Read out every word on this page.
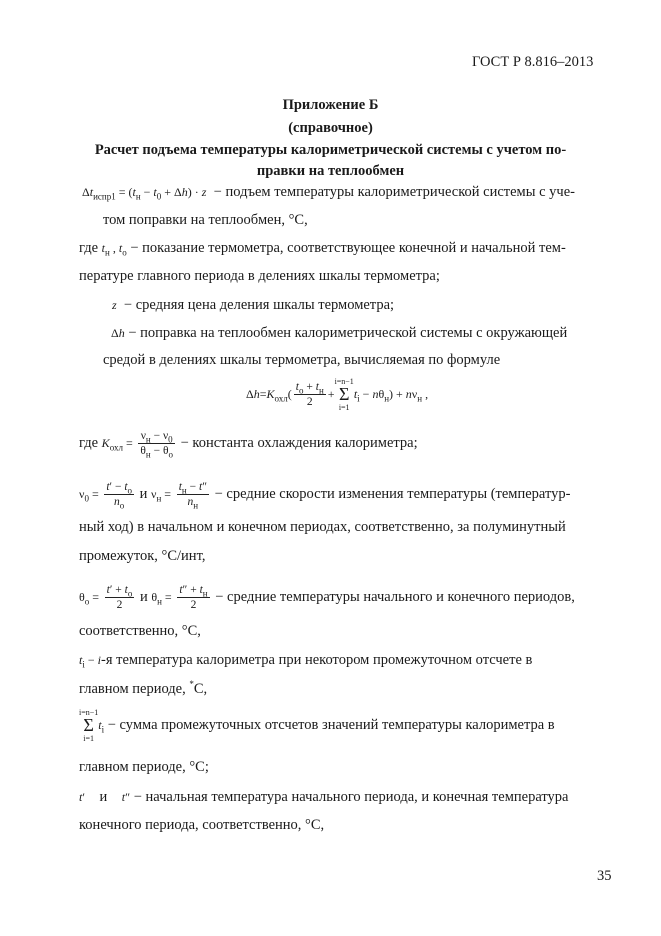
ГОСТ Р 8.816–2013
Приложение Б
(справочное)
Расчет подъема температуры калориметрической системы с учетом по-
правки на теплообмен
$\Delta t_{испр1} = (t_н - t_0 + \Delta h) \cdot z$  − подъем температуры калориметрической системы с уче-
том поправки на теплообмен, °С,
где $t_н$ , $t_о$ − показание термометра, соответствующее конечной и начальной тем-
пературе главного периода в делениях шкалы термометра;
z  − средняя цена деления шкалы термометра;
Δh − поправка на теплообмен калориметрической системы с окружающей
средой в делениях шкалы термометра, вычисляемая по формуле
$\Delta h=K_{охл}( \frac{t_о + t_н}{2} +i=n-1$
Σ
$i=1t_i - n\theta_н) + n\nu_н$ ,
где $K_{охл} = \frac{\nu_н - \nu_0}{\theta_н - \theta_о}$ − константа охлаждения калориметра;
$\nu_0 = \frac{t' - t_о}{n_о}$ и $\nu_н = \frac{t_н - t''}{n_н}$ − средние скорости изменения температуры (температур-
ный ход) в начальном и конечном периодах, соответственно, за полуминутный
промежуток, °С/инт,
$\theta_о = \frac{t' + t_о}{2}$ и $\theta_н = \frac{t'' + t_н}{2}$ − средние температуры начального и конечного периодов,
соответственно, °С,
$t_i - i-я$ температура калориметра при некотором промежуточном отсчете в
главном периоде, *С,
i=n−1
Σ
$i=1t_i$ − сумма промежуточных отсчетов значений температуры калориметра в
главном периоде, °С;
t′ и t″ − начальная температура начального периода, и конечная температура
конечного периода, соответственно, °С,
35
